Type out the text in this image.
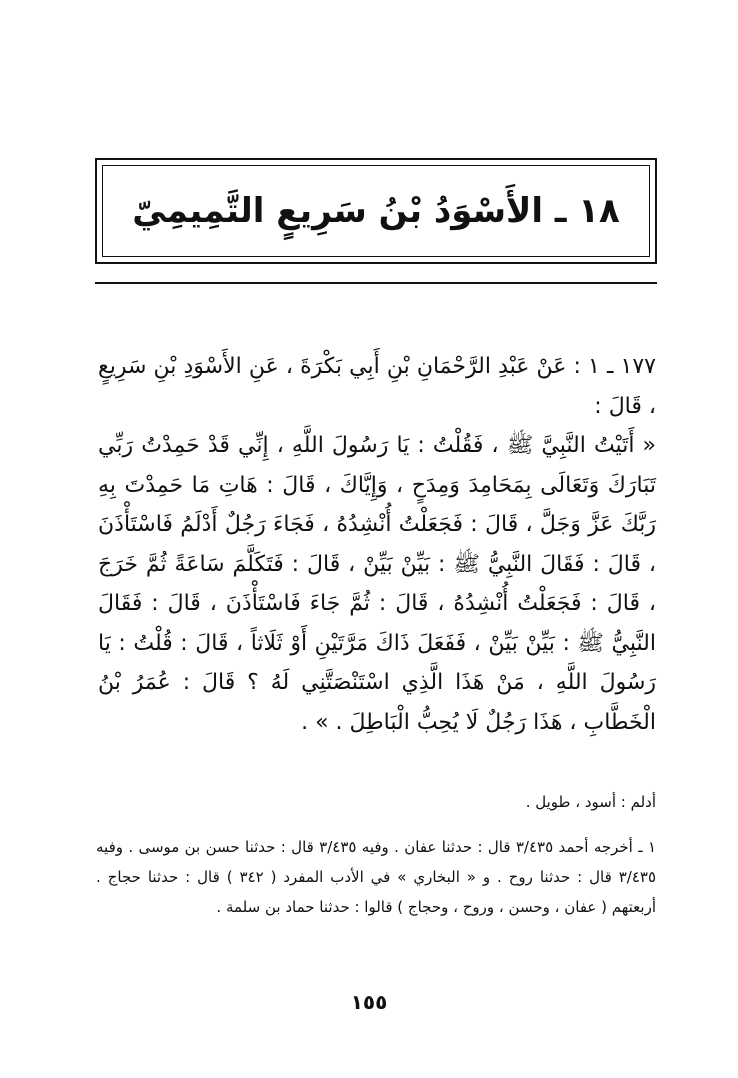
١٨ ـ الأَسْوَدُ بْنُ سَرِيعٍ التَّمِيمِيّ

١٧٧ ـ ١ : عَنْ عَبْدِ الرَّحْمَانِ بْنِ أَبِي بَكْرَةَ ، عَنِ الأَسْوَدِ بْنِ سَرِيعٍ ، قَالَ :

« أَتَيْتُ النَّبِيَّ ﷺ ، فَقُلْتُ : يَا رَسُولَ اللَّهِ ، إِنِّي قَدْ حَمِدْتُ رَبِّي تَبَارَكَ وَتَعَالَى بِمَحَامِدَ وَمِدَحٍ ، وَإِيَّاكَ ، قَالَ : هَاتِ مَا حَمِدْتَ بِهِ رَبَّكَ عَزَّ وَجَلَّ ، قَالَ : فَجَعَلْتُ أُنْشِدُهُ ، فَجَاءَ رَجُلٌ أَدْلَمُ فَاسْتَأْذَنَ ، قَالَ : فَقَالَ النَّبِيُّ ﷺ : بَيِّنْ بَيِّنْ ، قَالَ : فَتَكَلَّمَ سَاعَةً ثُمَّ خَرَجَ ، قَالَ : فَجَعَلْتُ أُنْشِدُهُ ، قَالَ : ثُمَّ جَاءَ فَاسْتَأْذَنَ ، قَالَ : فَقَالَ النَّبِيُّ ﷺ : بَيِّنْ بَيِّنْ ، فَفَعَلَ ذَاكَ مَرَّتَيْنِ أَوْ ثَلَاثاً ، قَالَ : قُلْتُ : يَا رَسُولَ اللَّهِ ، مَنْ هَذَا الَّذِي اسْتَنْصَتَّنِي لَهُ ؟ قَالَ : عُمَرُ بْنُ الْخَطَّابِ ، هَذَا رَجُلٌ لَا يُحِبُّ الْبَاطِلَ . » .

أدلم : أسود ، طويل .

١ ـ أخرجه أحمد ٣/٤٣٥ قال : حدثنا عفان . وفيه ٣/٤٣٥ قال : حدثنا حسن بن موسى . وفيه ٣/٤٣٥ قال : حدثنا روح . و « البخاري » في الأدب المفرد ( ٣٤٢ ) قال : حدثنا حجاج . أربعتهم ( عفان ، وحسن ، وروح ، وحجاج ) قالوا : حدثنا حماد بن سلمة .

١٥٥
